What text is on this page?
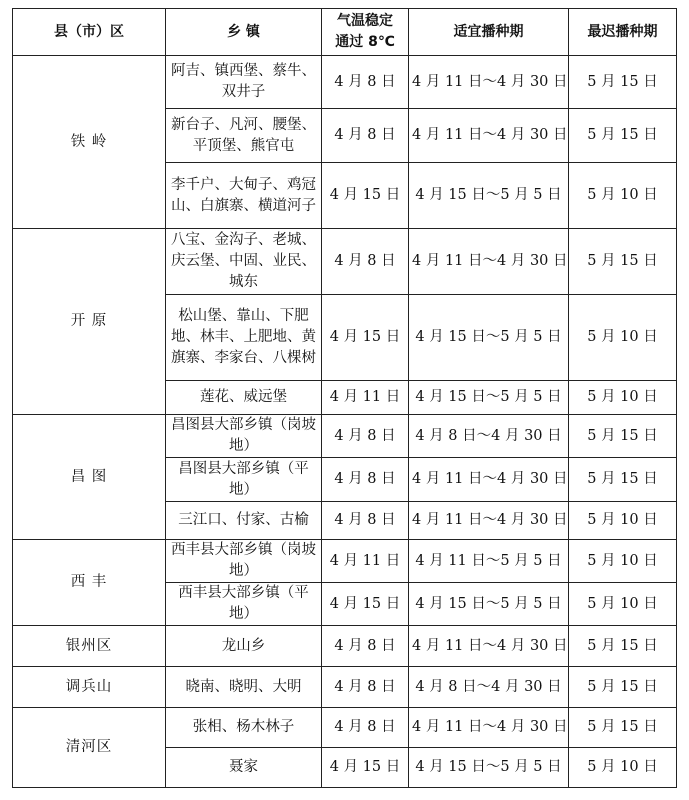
县（市）区	乡 镇	气温稳定
通过 8℃	适宜播种期	最迟播种期
铁 岭	阿吉、镇西堡、蔡牛、双井子	4 月 8 日	4 月 11 日～4 月 30 日	5 月 15 日
	新台子、凡河、腰堡、平顶堡、熊官屯	4 月 8 日	4 月 11 日～4 月 30 日	5 月 15 日
	李千户、大甸子、鸡冠山、白旗寨、横道河子	4 月 15 日	4 月 15 日～5 月 5 日	5 月 10 日
开 原	八宝、金沟子、老城、庆云堡、中固、业民、城东	4 月 8 日	4 月 11 日～4 月 30 日	5 月 15 日
	松山堡、靠山、下肥地、林丰、上肥地、黄旗寨、李家台、八棵树	4 月 15 日	4 月 15 日～5 月 5 日	5 月 10 日
	莲花、威远堡	4 月 11 日	4 月 15 日～5 月 5 日	5 月 10 日
昌 图	昌图县大部乡镇（岗坡地）	4 月 8 日	4 月 8 日～4 月 30 日	5 月 15 日
	昌图县大部乡镇（平地）	4 月 8 日	4 月 11 日～4 月 30 日	5 月 15 日
	三江口、付家、古榆	4 月 8 日	4 月 11 日～4 月 30 日	5 月 10 日
西 丰	西丰县大部乡镇（岗坡地）	4 月 11 日	4 月 11 日～5 月 5 日	5 月 10 日
	西丰县大部乡镇（平地）	4 月 15 日	4 月 15 日～5 月 5 日	5 月 10 日
银州区	龙山乡	4 月 8 日	4 月 11 日～4 月 30 日	5 月 15 日
调兵山	晓南、晓明、大明	4 月 8 日	4 月 8 日～4 月 30 日	5 月 15 日
清河区	张相、杨木林子	4 月 8 日	4 月 11 日～4 月 30 日	5 月 15 日
	聂家	4 月 15 日	4 月 15 日～5 月 5 日	5 月 10 日
